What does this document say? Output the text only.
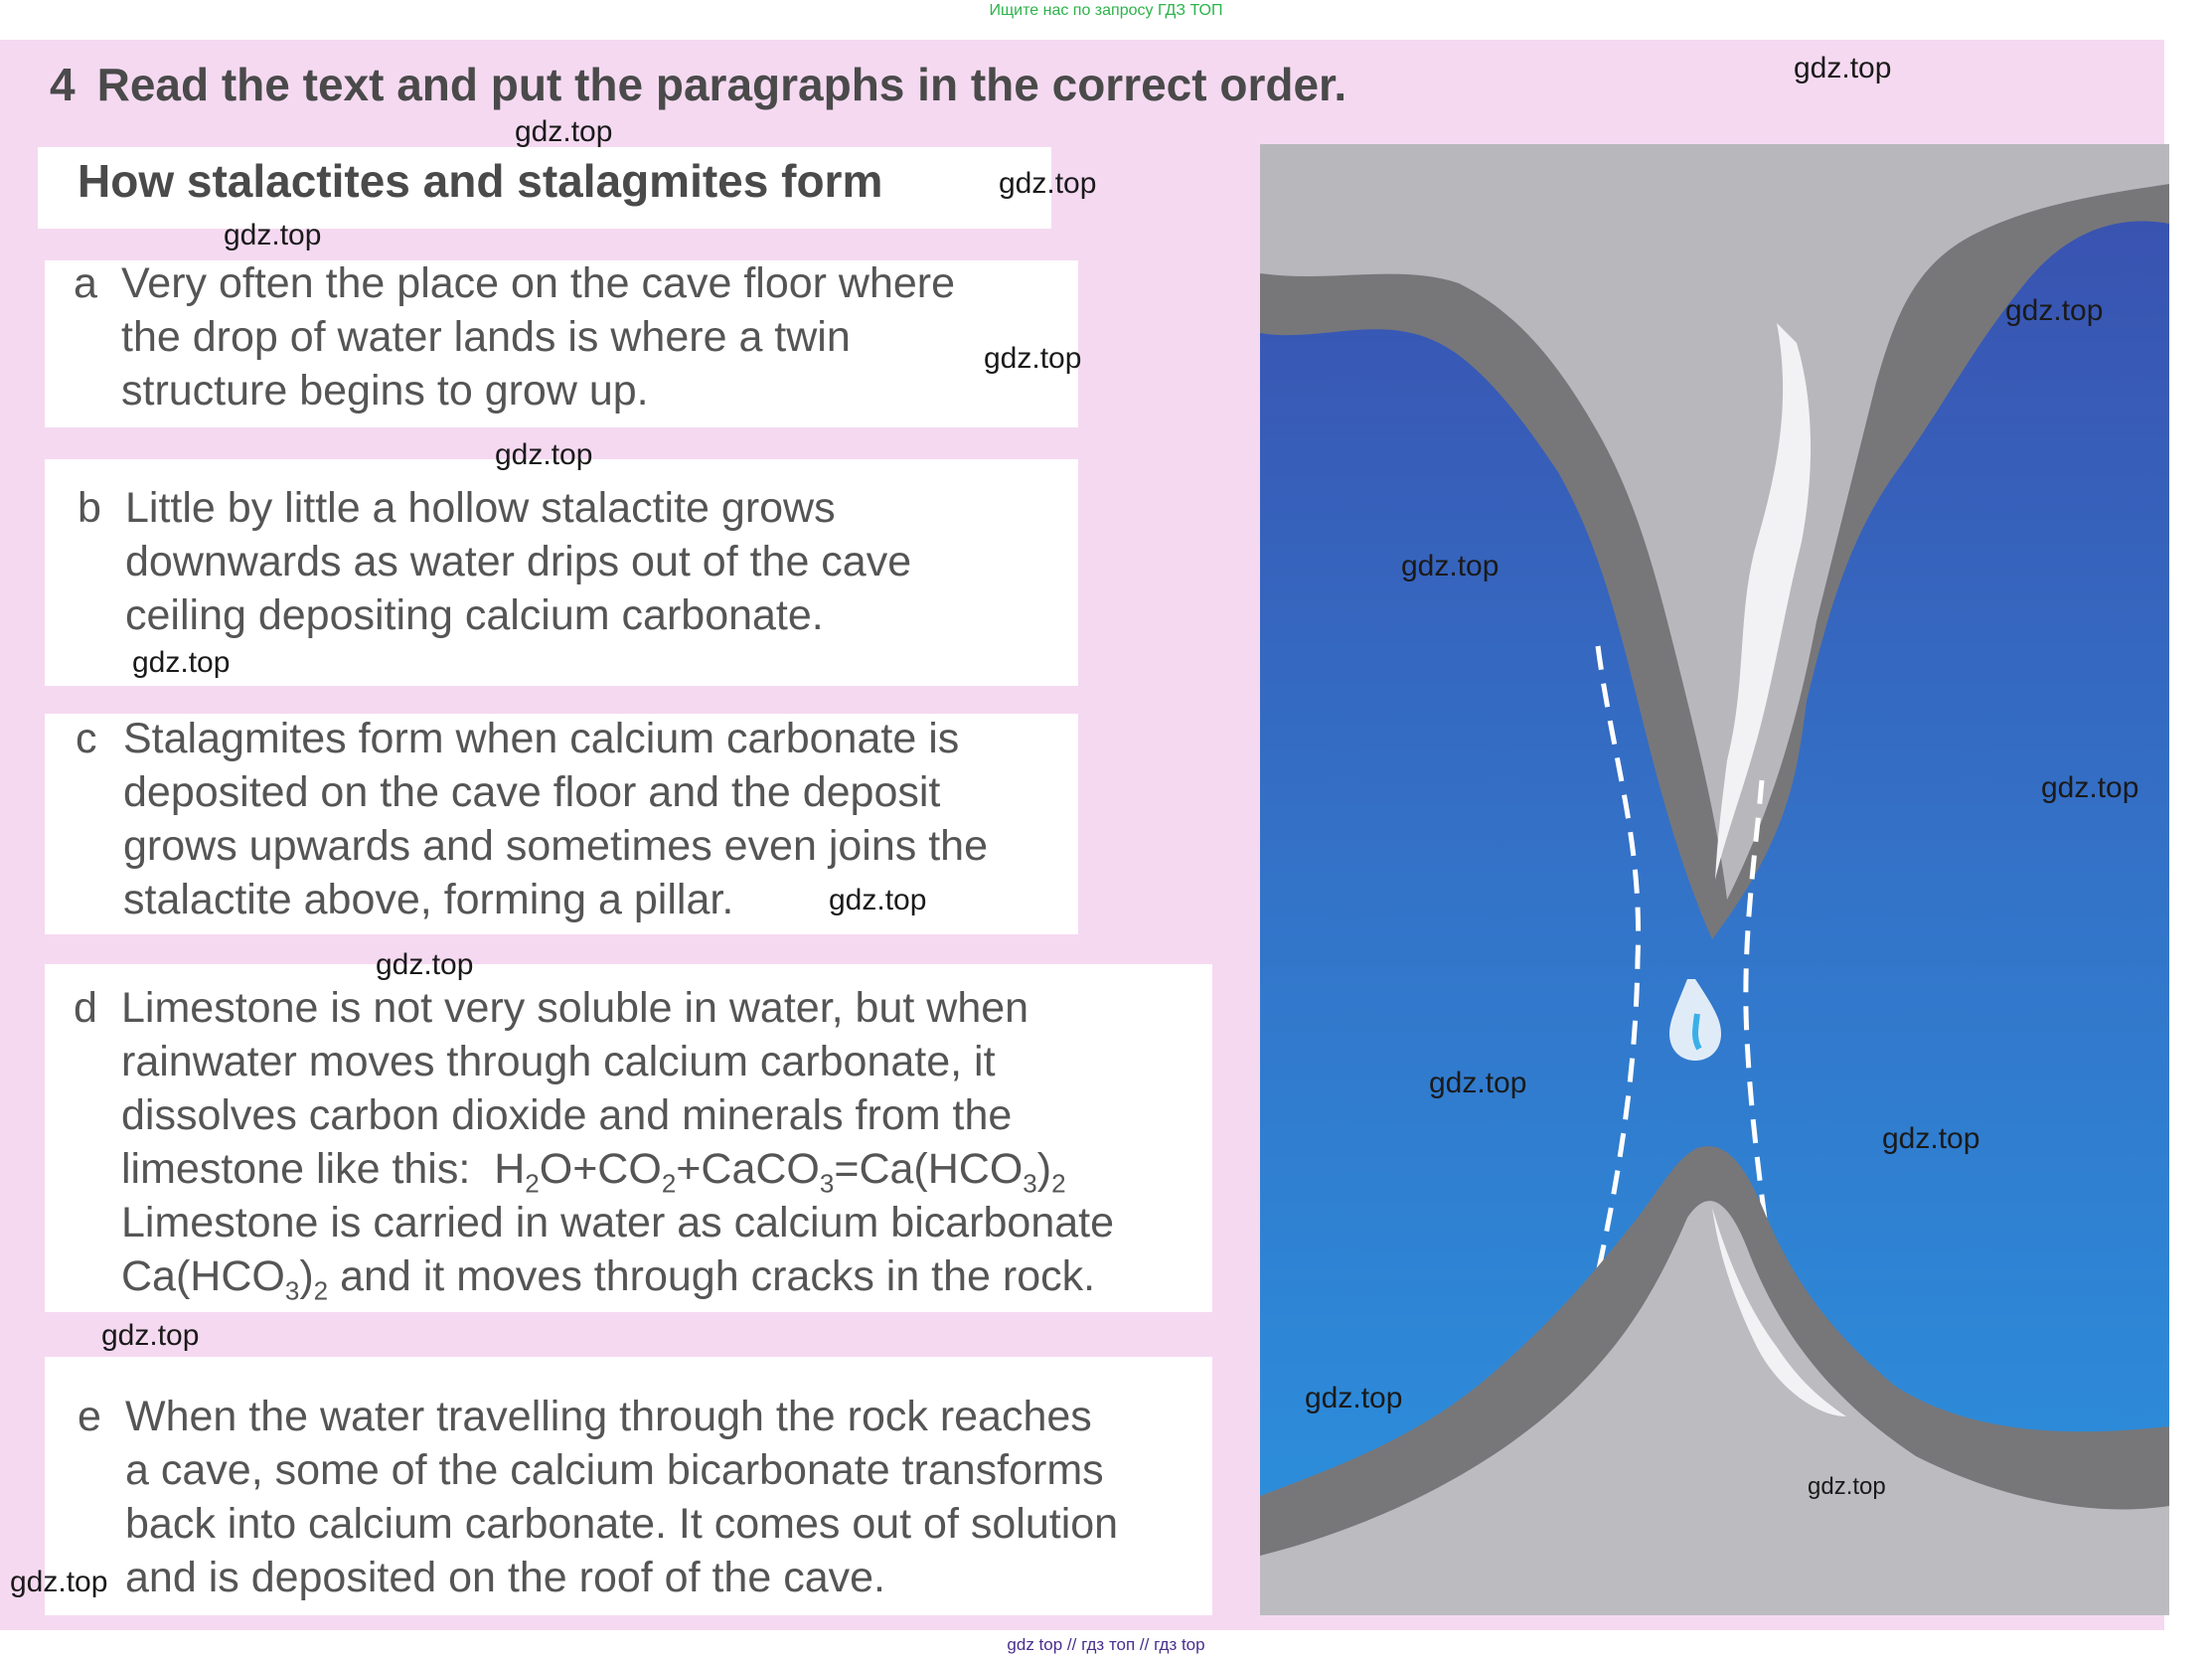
Ищите нас по запросу ГДЗ ТОП
4 Read the text and put the paragraphs in the correct order.
How stalactites and stalagmites form
a Very often the place on the cave floor where
the drop of water lands is where a twin
structure begins to grow up.
b Little by little a hollow stalactite grows
downwards as water drips out of the cave
ceiling depositing calcium carbonate.
c Stalagmites form when calcium carbonate is
deposited on the cave floor and the deposit
grows upwards and sometimes even joins the
stalactite above, forming a pillar.
d Limestone is not very soluble in water, but when
rainwater moves through calcium carbonate, it
dissolves carbon dioxide and minerals from the
limestone like this: $H_2O+CO_2+CaCO_3=Ca(HCO_3)_2$
Limestone is carried in water as calcium bicarbonate
$Ca(HCO_3)_2$ and it moves through cracks in the rock.
e When the water travelling through the rock reaches
a cave, some of the calcium bicarbonate transforms
back into calcium carbonate. It comes out of solution
and is deposited on the roof of the cave.
gdz.top
gdz.top
gdz.top
gdz.top
gdz.top
gdz.top
gdz.top
gdz.top
gdz.top
gdz.top
gdz.top
gdz.top
gdz.top
gdz.top
gdz.top
gdz.top
gdz.top
gdz.top
gdz top // гдз топ // гдз top
